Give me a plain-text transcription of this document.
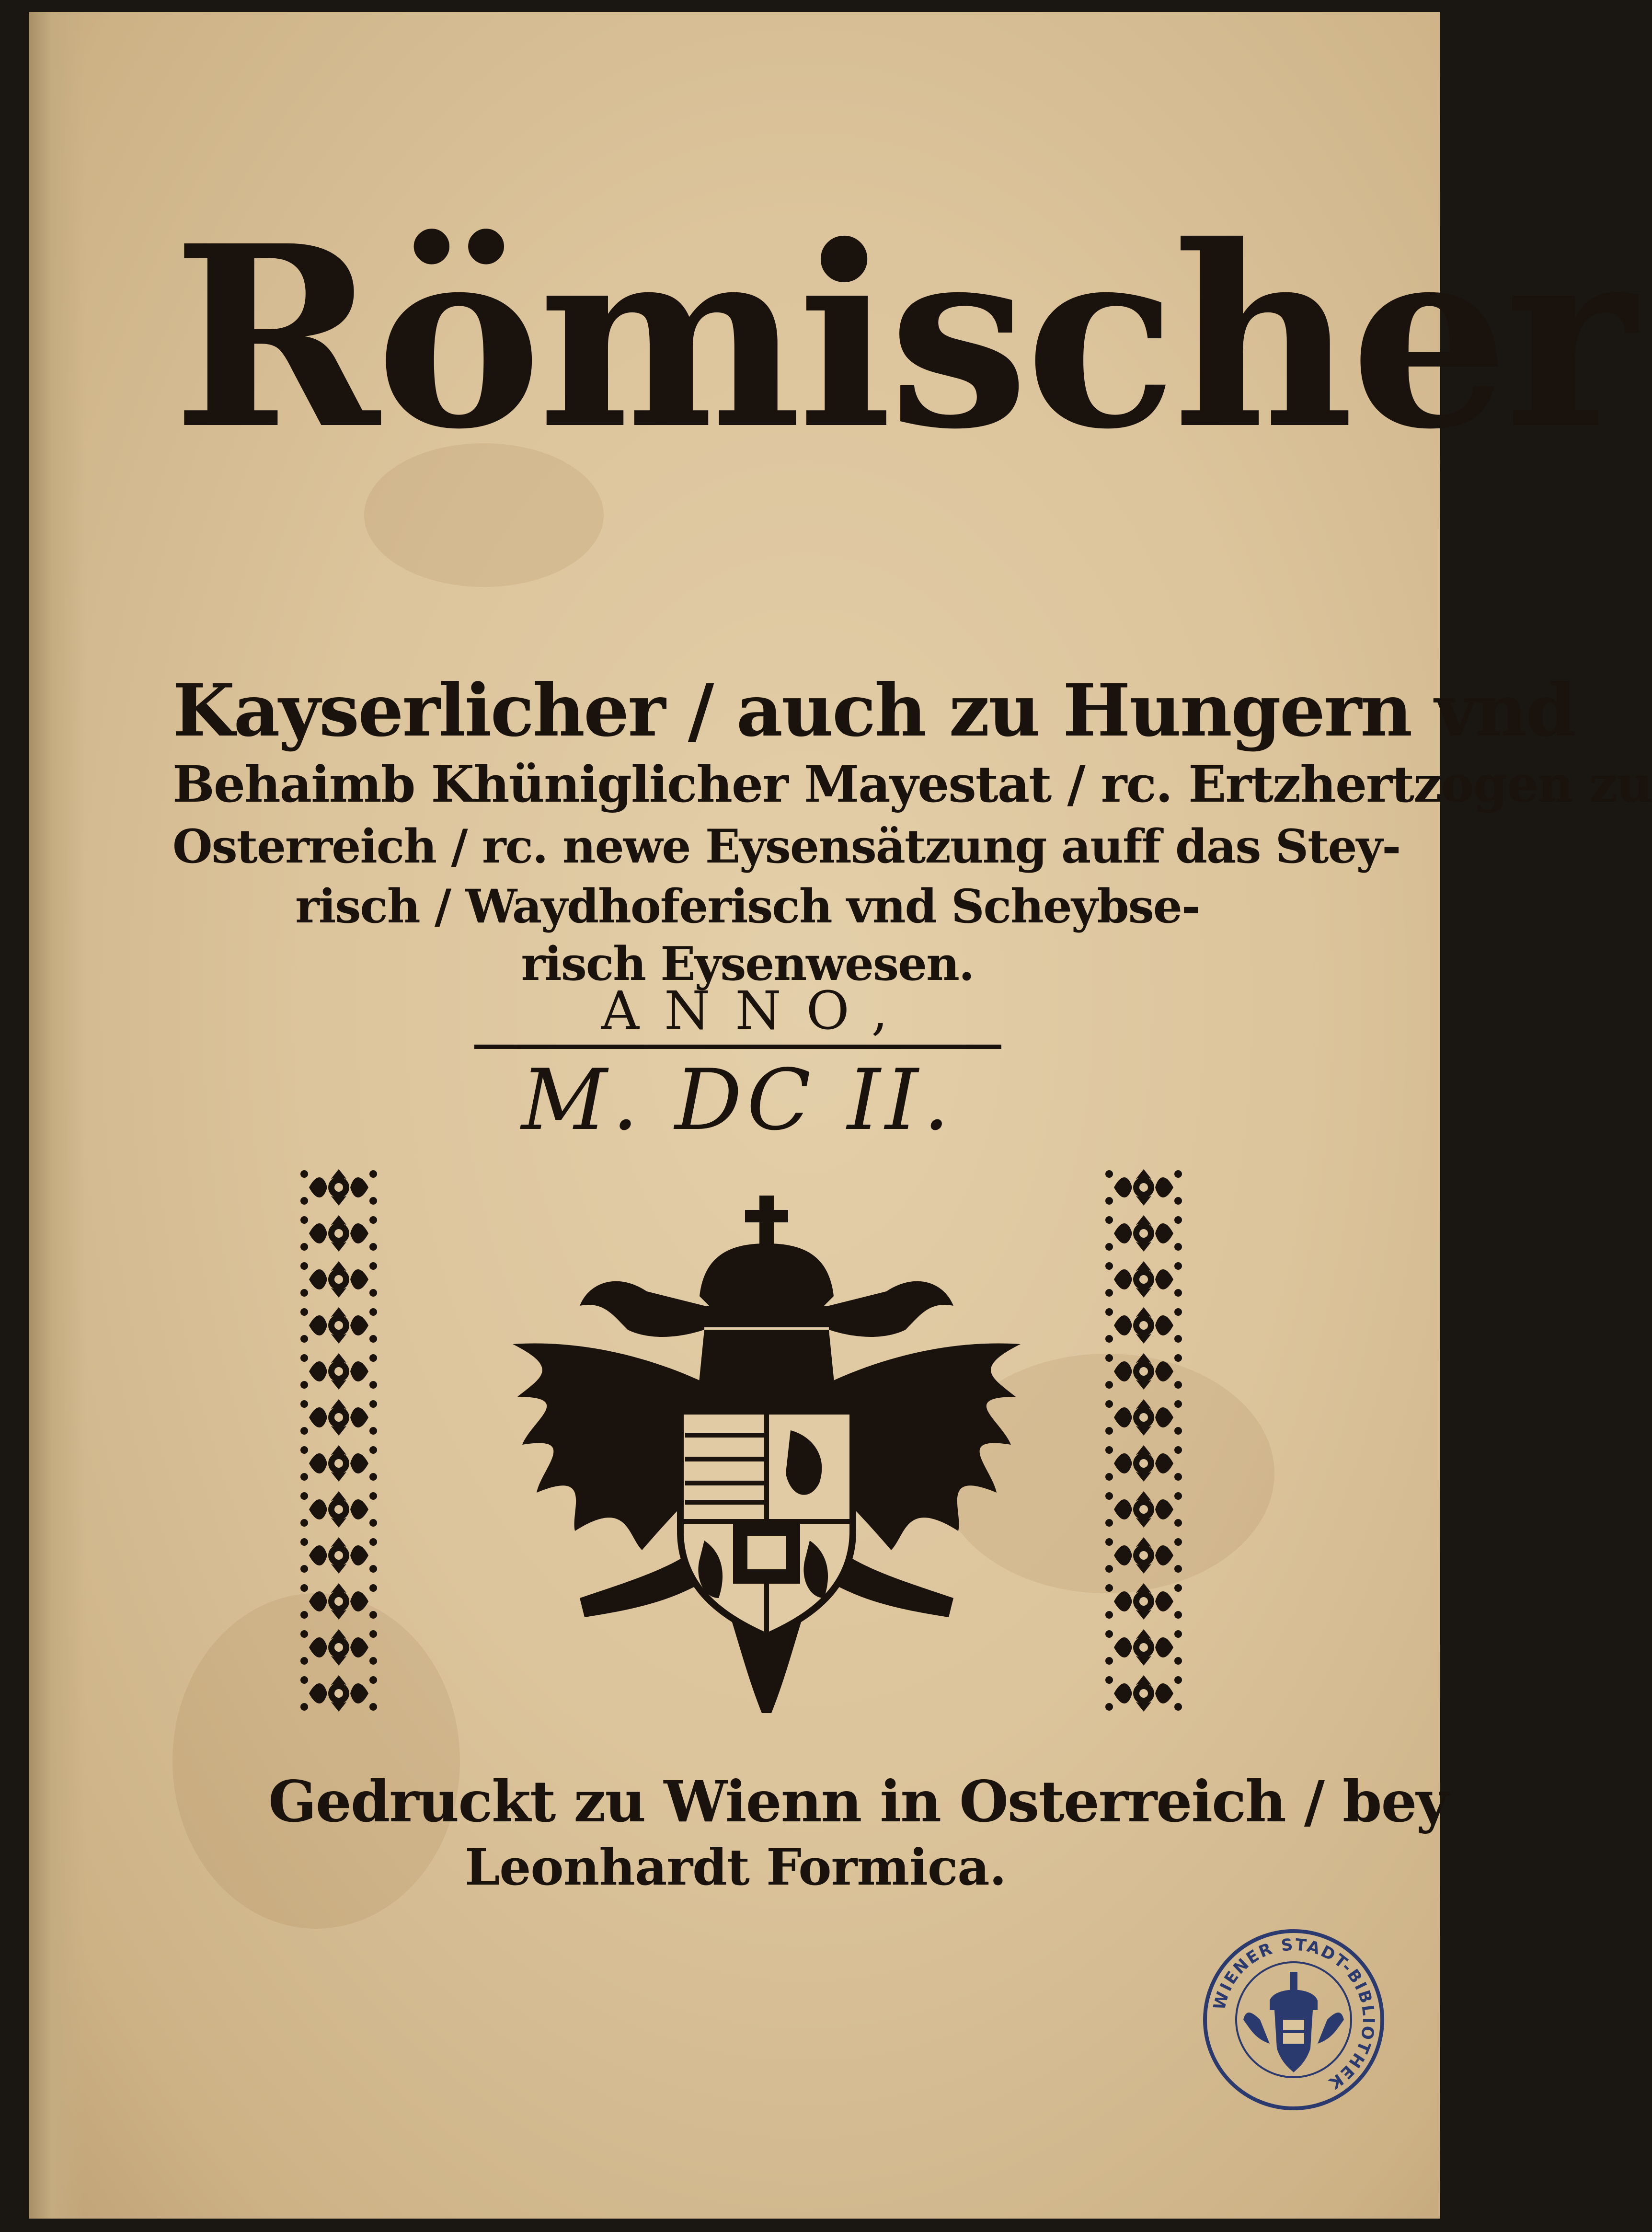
Römischer
Kayserlicher / auch zu Hungern vnd
Behaimb Khüniglicher Mayestat / rc. Ertzhertzogen zu
Osterreich / rc. newe Eysensätzung auff das Stey-
risch / Waydhoferisch vnd Scheybse-
risch Eysenwesen.
ANNO,
M. DC II.
Gedruckt zu Wienn in Osterreich / bey
Leonhardt Formica.
WIENER STADT-BIBLIOTHEK
